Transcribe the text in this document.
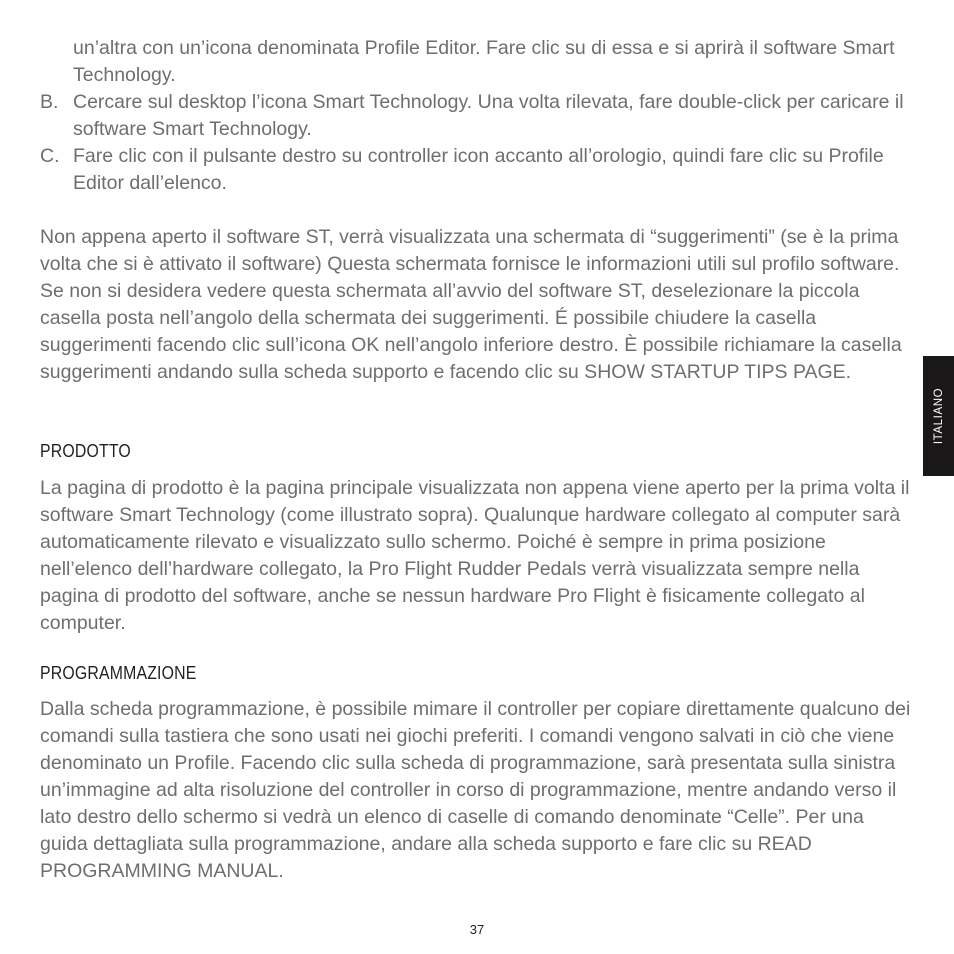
un’altra con un’icona denominata Profile Editor. Fare clic su di essa e si aprirà il software Smart Technology.
B. Cercare sul desktop l’icona Smart Technology. Una volta rilevata, fare double-click per caricare il software Smart Technology.
C. Fare clic con il pulsante destro su controller icon accanto all’orologio, quindi fare clic su Profile Editor dall’elenco.

Non appena aperto il software ST, verrà visualizzata una schermata di “suggerimenti” (se è la prima volta che si è attivato il software) Questa schermata fornisce le informazioni utili sul profilo software. Se non si desidera vedere questa schermata all’avvio del software ST, deselezionare la piccola casella posta nell’angolo della schermata dei suggerimenti. É possibile chiudere la casella suggerimenti facendo clic sull’icona OK nell’angolo inferiore destro. È possibile richiamare la casella suggerimenti andando sulla scheda supporto e facendo clic su SHOW STARTUP TIPS PAGE.

PRODOTTO

La pagina di prodotto è la pagina principale visualizzata non appena viene aperto per la prima volta il software Smart Technology (come illustrato sopra). Qualunque hardware collegato al computer sarà automaticamente rilevato e visualizzato sullo schermo. Poiché è sempre in prima posizione nell’elenco dell’hardware collegato, la Pro Flight Rudder Pedals verrà visualizzata sempre nella pagina di prodotto del software, anche se nessun hardware Pro Flight è fisicamente collegato al computer.

PROGRAMMAZIONE

Dalla scheda programmazione, è possibile mimare il controller per copiare direttamente qualcuno dei comandi sulla tastiera che sono usati nei giochi preferiti. I comandi vengono salvati in ciò che viene denominato un Profile. Facendo clic sulla scheda di programmazione, sarà presentata sulla sinistra un’immagine ad alta risoluzione del controller in corso di programmazione, mentre andando verso il lato destro dello schermo si vedrà un elenco di caselle di comando denominate “Celle”. Per una guida dettagliata sulla programmazione, andare alla scheda supporto e fare clic su READ PROGRAMMING MANUAL.

ITALIANO
37
